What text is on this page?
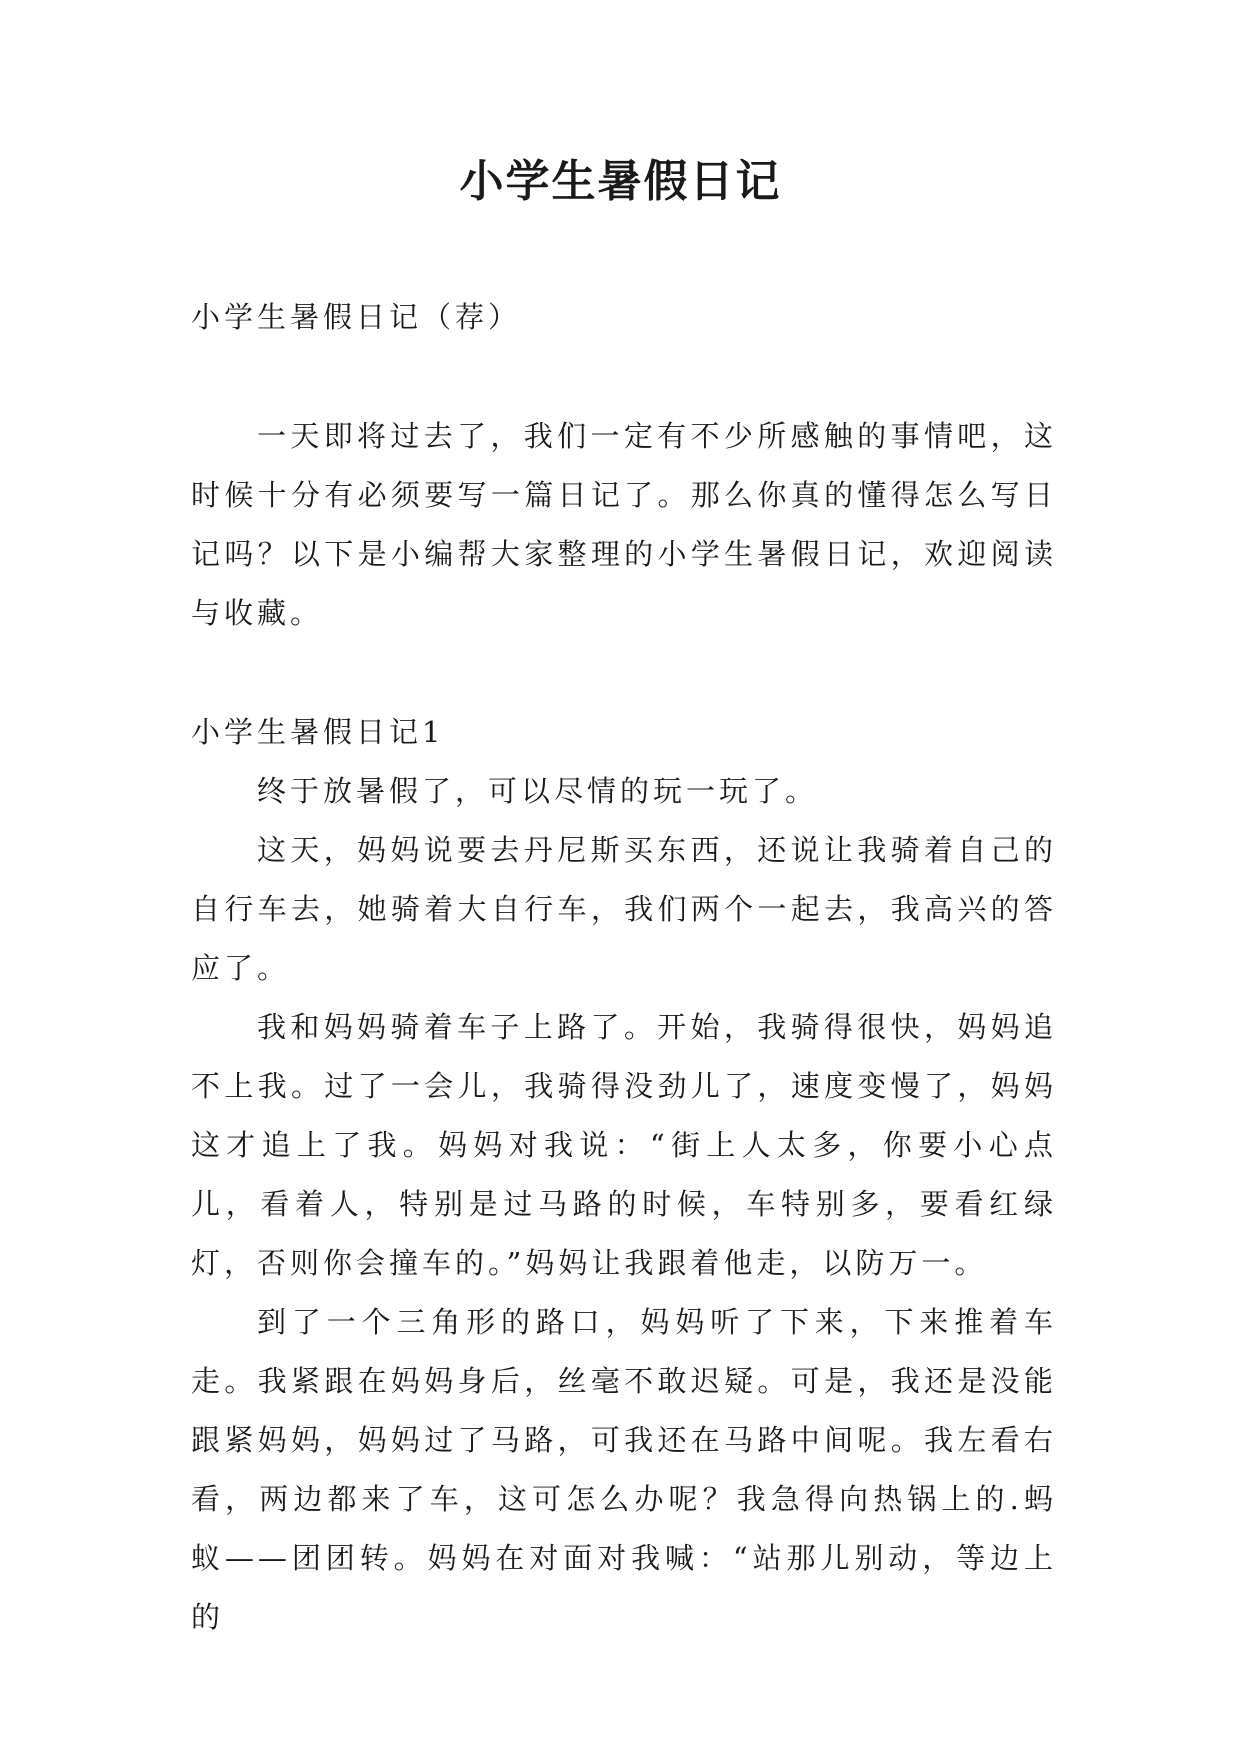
小学生暑假日记

小学生暑假日记（荐）

一天即将过去了，我们一定有不少所感触的事情吧，这时候十分有必须要写一篇日记了。那么你真的懂得怎么写日记吗？以下是小编帮大家整理的小学生暑假日记，欢迎阅读与收藏。

小学生暑假日记1

终于放暑假了，可以尽情的玩一玩了。

这天，妈妈说要去丹尼斯买东西，还说让我骑着自己的自行车去，她骑着大自行车，我们两个一起去，我高兴的答应了。

我和妈妈骑着车子上路了。开始，我骑得很快，妈妈追不上我。过了一会儿，我骑得没劲儿了，速度变慢了，妈妈这才追上了我。妈妈对我说：“街上人太多，你要小心点儿，看着人，特别是过马路的时候，车特别多，要看红绿灯，否则你会撞车的。”妈妈让我跟着他走，以防万一。

到了一个三角形的路口，妈妈听了下来，下来推着车走。我紧跟在妈妈身后，丝毫不敢迟疑。可是，我还是没能跟紧妈妈，妈妈过了马路，可我还在马路中间呢。我左看右看，两边都来了车，这可怎么办呢？我急得向热锅上的.蚂蚁——团团转。妈妈在对面对我喊：“站那儿别动，等边上的
